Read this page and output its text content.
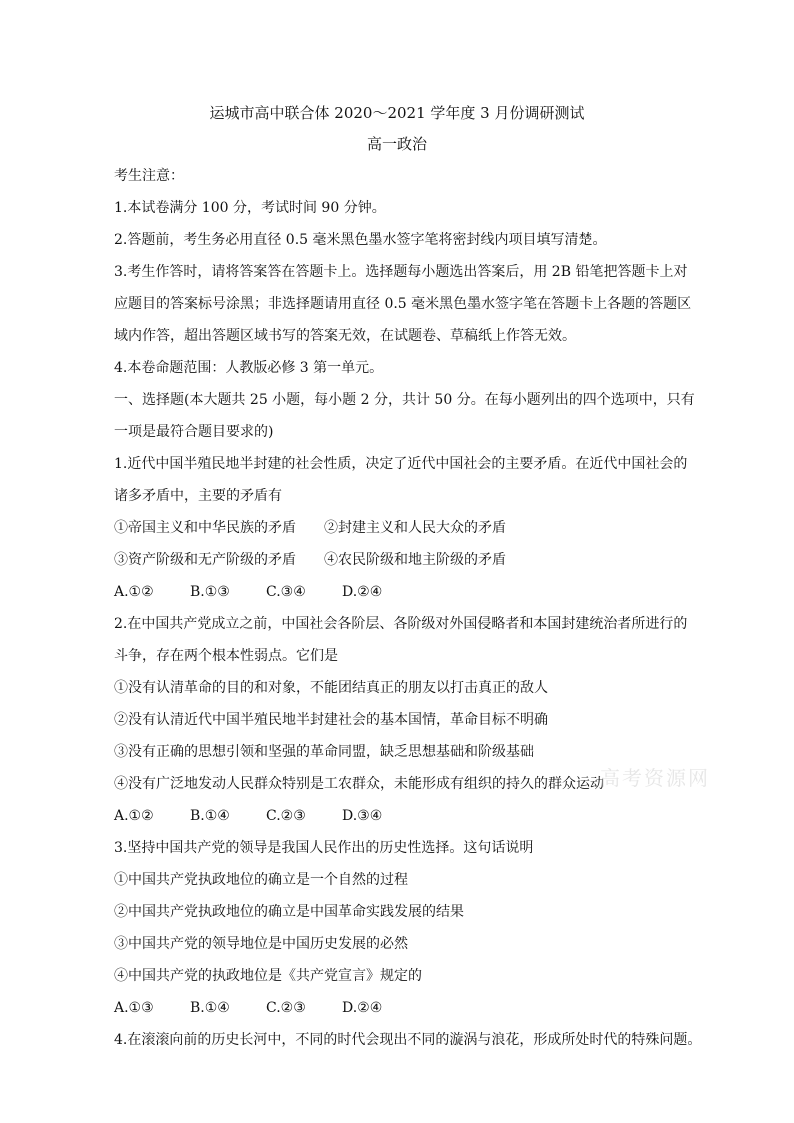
运城市高中联合体 2020～2021 学年度 3 月份调研测试
高一政治
考生注意：
1.本试卷满分 100 分，考试时间 90 分钟。
2.答题前，考生务必用直径 0.5 毫米黑色墨水签字笔将密封线内项目填写清楚。
3.考生作答时，请将答案答在答题卡上。选择题每小题选出答案后，用 2B 铅笔把答题卡上对
应题目的答案标号涂黑；非选择题请用直径 0.5 毫米黑色墨水签字笔在答题卡上各题的答题区
域内作答，超出答题区域书写的答案无效，在试题卷、草稿纸上作答无效。
4.本卷命题范围：人教版必修 3 第一单元。
一、选择题(本大题共 25 小题，每小题 2 分，共计 50 分。在每小题列出的四个选项中，只有
一项是最符合题目要求的)
1.近代中国半殖民地半封建的社会性质，决定了近代中国社会的主要矛盾。在近代中国社会的
诸多矛盾中，主要的矛盾有
①帝国主义和中华民族的矛盾 ②封建主义和人民大众的矛盾
③资产阶级和无产阶级的矛盾 ④农民阶级和地主阶级的矛盾
A.①②	B.①③	C.③④	D.②④
2.在中国共产党成立之前，中国社会各阶层、各阶级对外国侵略者和本国封建统治者所进行的
斗争，存在两个根本性弱点。它们是
①没有认清革命的目的和对象，不能团结真正的朋友以打击真正的敌人
②没有认清近代中国半殖民地半封建社会的基本国情，革命目标不明确
③没有正确的思想引领和坚强的革命同盟，缺乏思想基础和阶级基础
④没有广泛地发动人民群众特别是工农群众，未能形成有组织的持久的群众运动
A.①②	B.①④	C.②③	D.③④
3.坚持中国共产党的领导是我国人民作出的历史性选择。这句话说明
①中国共产党执政地位的确立是一个自然的过程
②中国共产党执政地位的确立是中国革命实践发展的结果
③中国共产党的领导地位是中国历史发展的必然
④中国共产党的执政地位是《共产党宣言》规定的
A.①③	B.①④	C.②③	D.②④
4.在滚滚向前的历史长河中，不同的时代会现出不同的漩涡与浪花，形成所处时代的特殊问题。
高考资源网
